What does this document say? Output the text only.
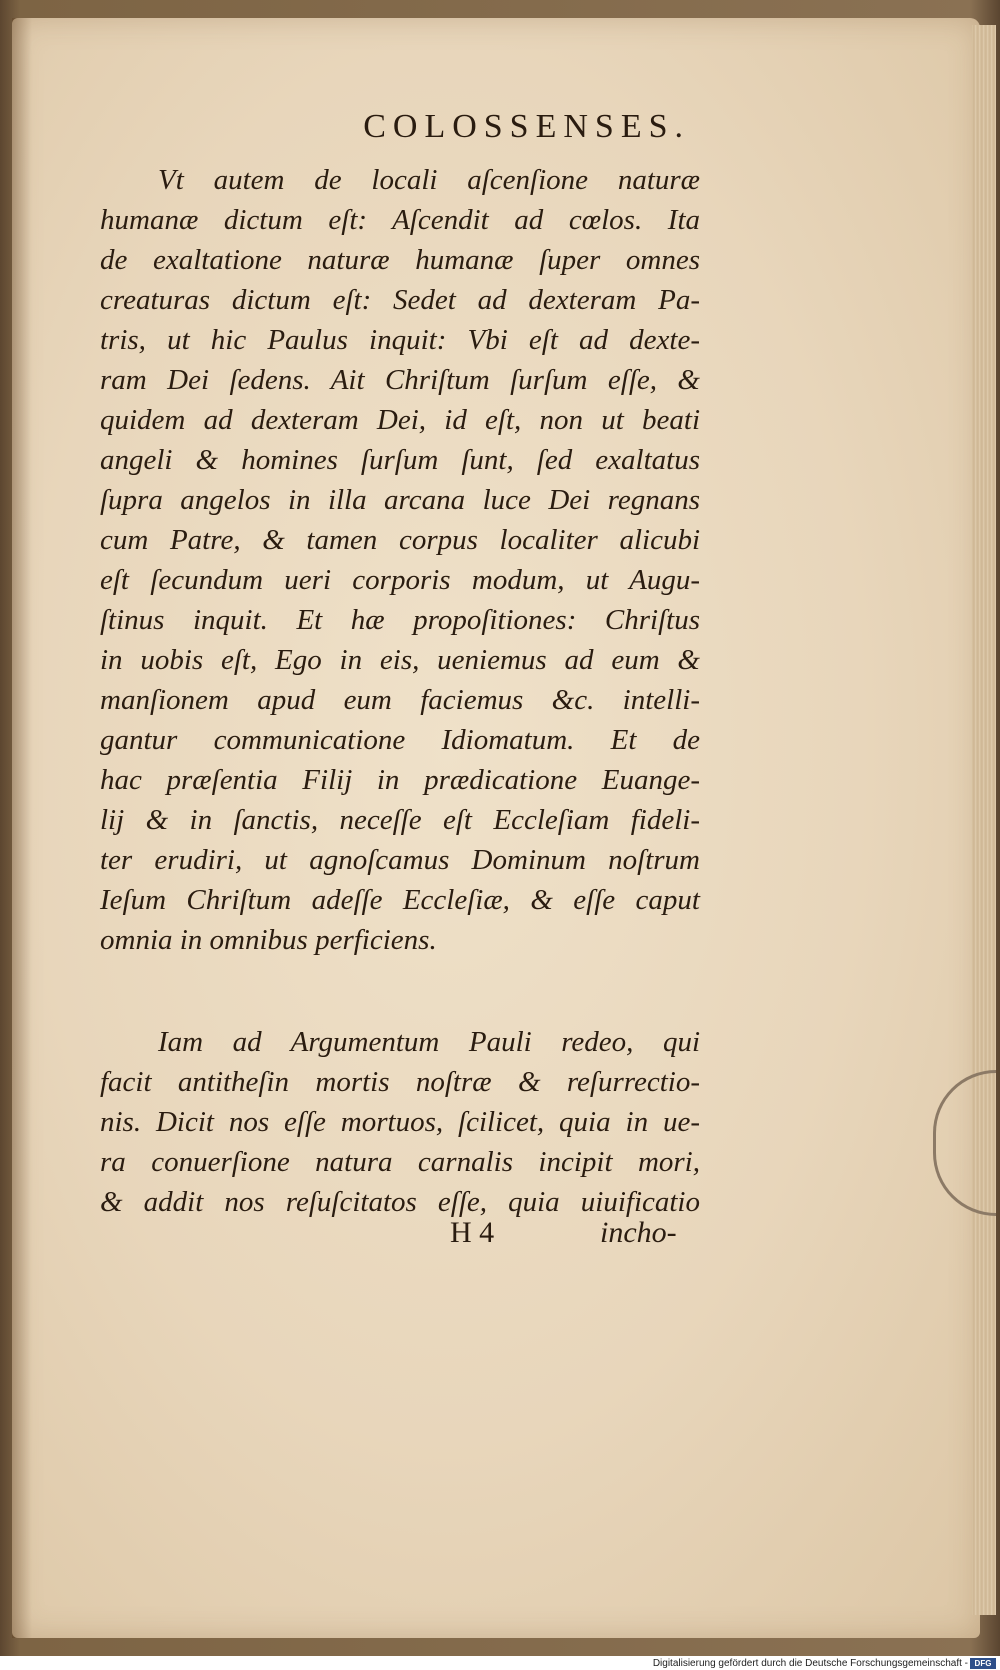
COLOSSENSES.
Vt autem de locali aſcenſione naturæ
humanæ dictum eſt: Aſcendit ad cœlos. Ita
de exaltatione naturæ humanæ ſuper omnes
creaturas dictum eſt: Sedet ad dexteram Pa-
tris, ut hic Paulus inquit: Vbi eſt ad dexte-
ram Dei ſedens. Ait Chriſtum ſurſum eſſe, &
quidem ad dexteram Dei, id eſt, non ut beati
angeli & homines ſurſum ſunt, ſed exaltatus
ſupra angelos in illa arcana luce Dei regnans
cum Patre, & tamen corpus localiter alicubi
eſt ſecundum ueri corporis modum, ut Augu-
ſtinus inquit. Et hæ propoſitiones: Chriſtus
in uobis eſt, Ego in eis, ueniemus ad eum &
manſionem apud eum faciemus &c. intelli-
gantur communicatione Idiomatum. Et de
hac præſentia Filij in prædicatione Euange-
lij & in ſanctis, neceſſe eſt Eccleſiam fideli-
ter erudiri, ut agnoſcamus Dominum noſtrum
Ieſum Chriſtum adeſſe Eccleſiæ, & eſſe caput
omnia in omnibus perficiens.
Iam ad Argumentum Pauli redeo, qui
facit antitheſin mortis noſtræ & reſurrectio-
nis. Dicit nos eſſe mortuos, ſcilicet, quia in ue-
ra conuerſione natura carnalis incipit mori,
& addit nos reſuſcitatos eſſe, quia uiuificatio
H 4	incho-
Digitalisierung gefördert durch die Deutsche Forschungsgemeinschaft - DFG
